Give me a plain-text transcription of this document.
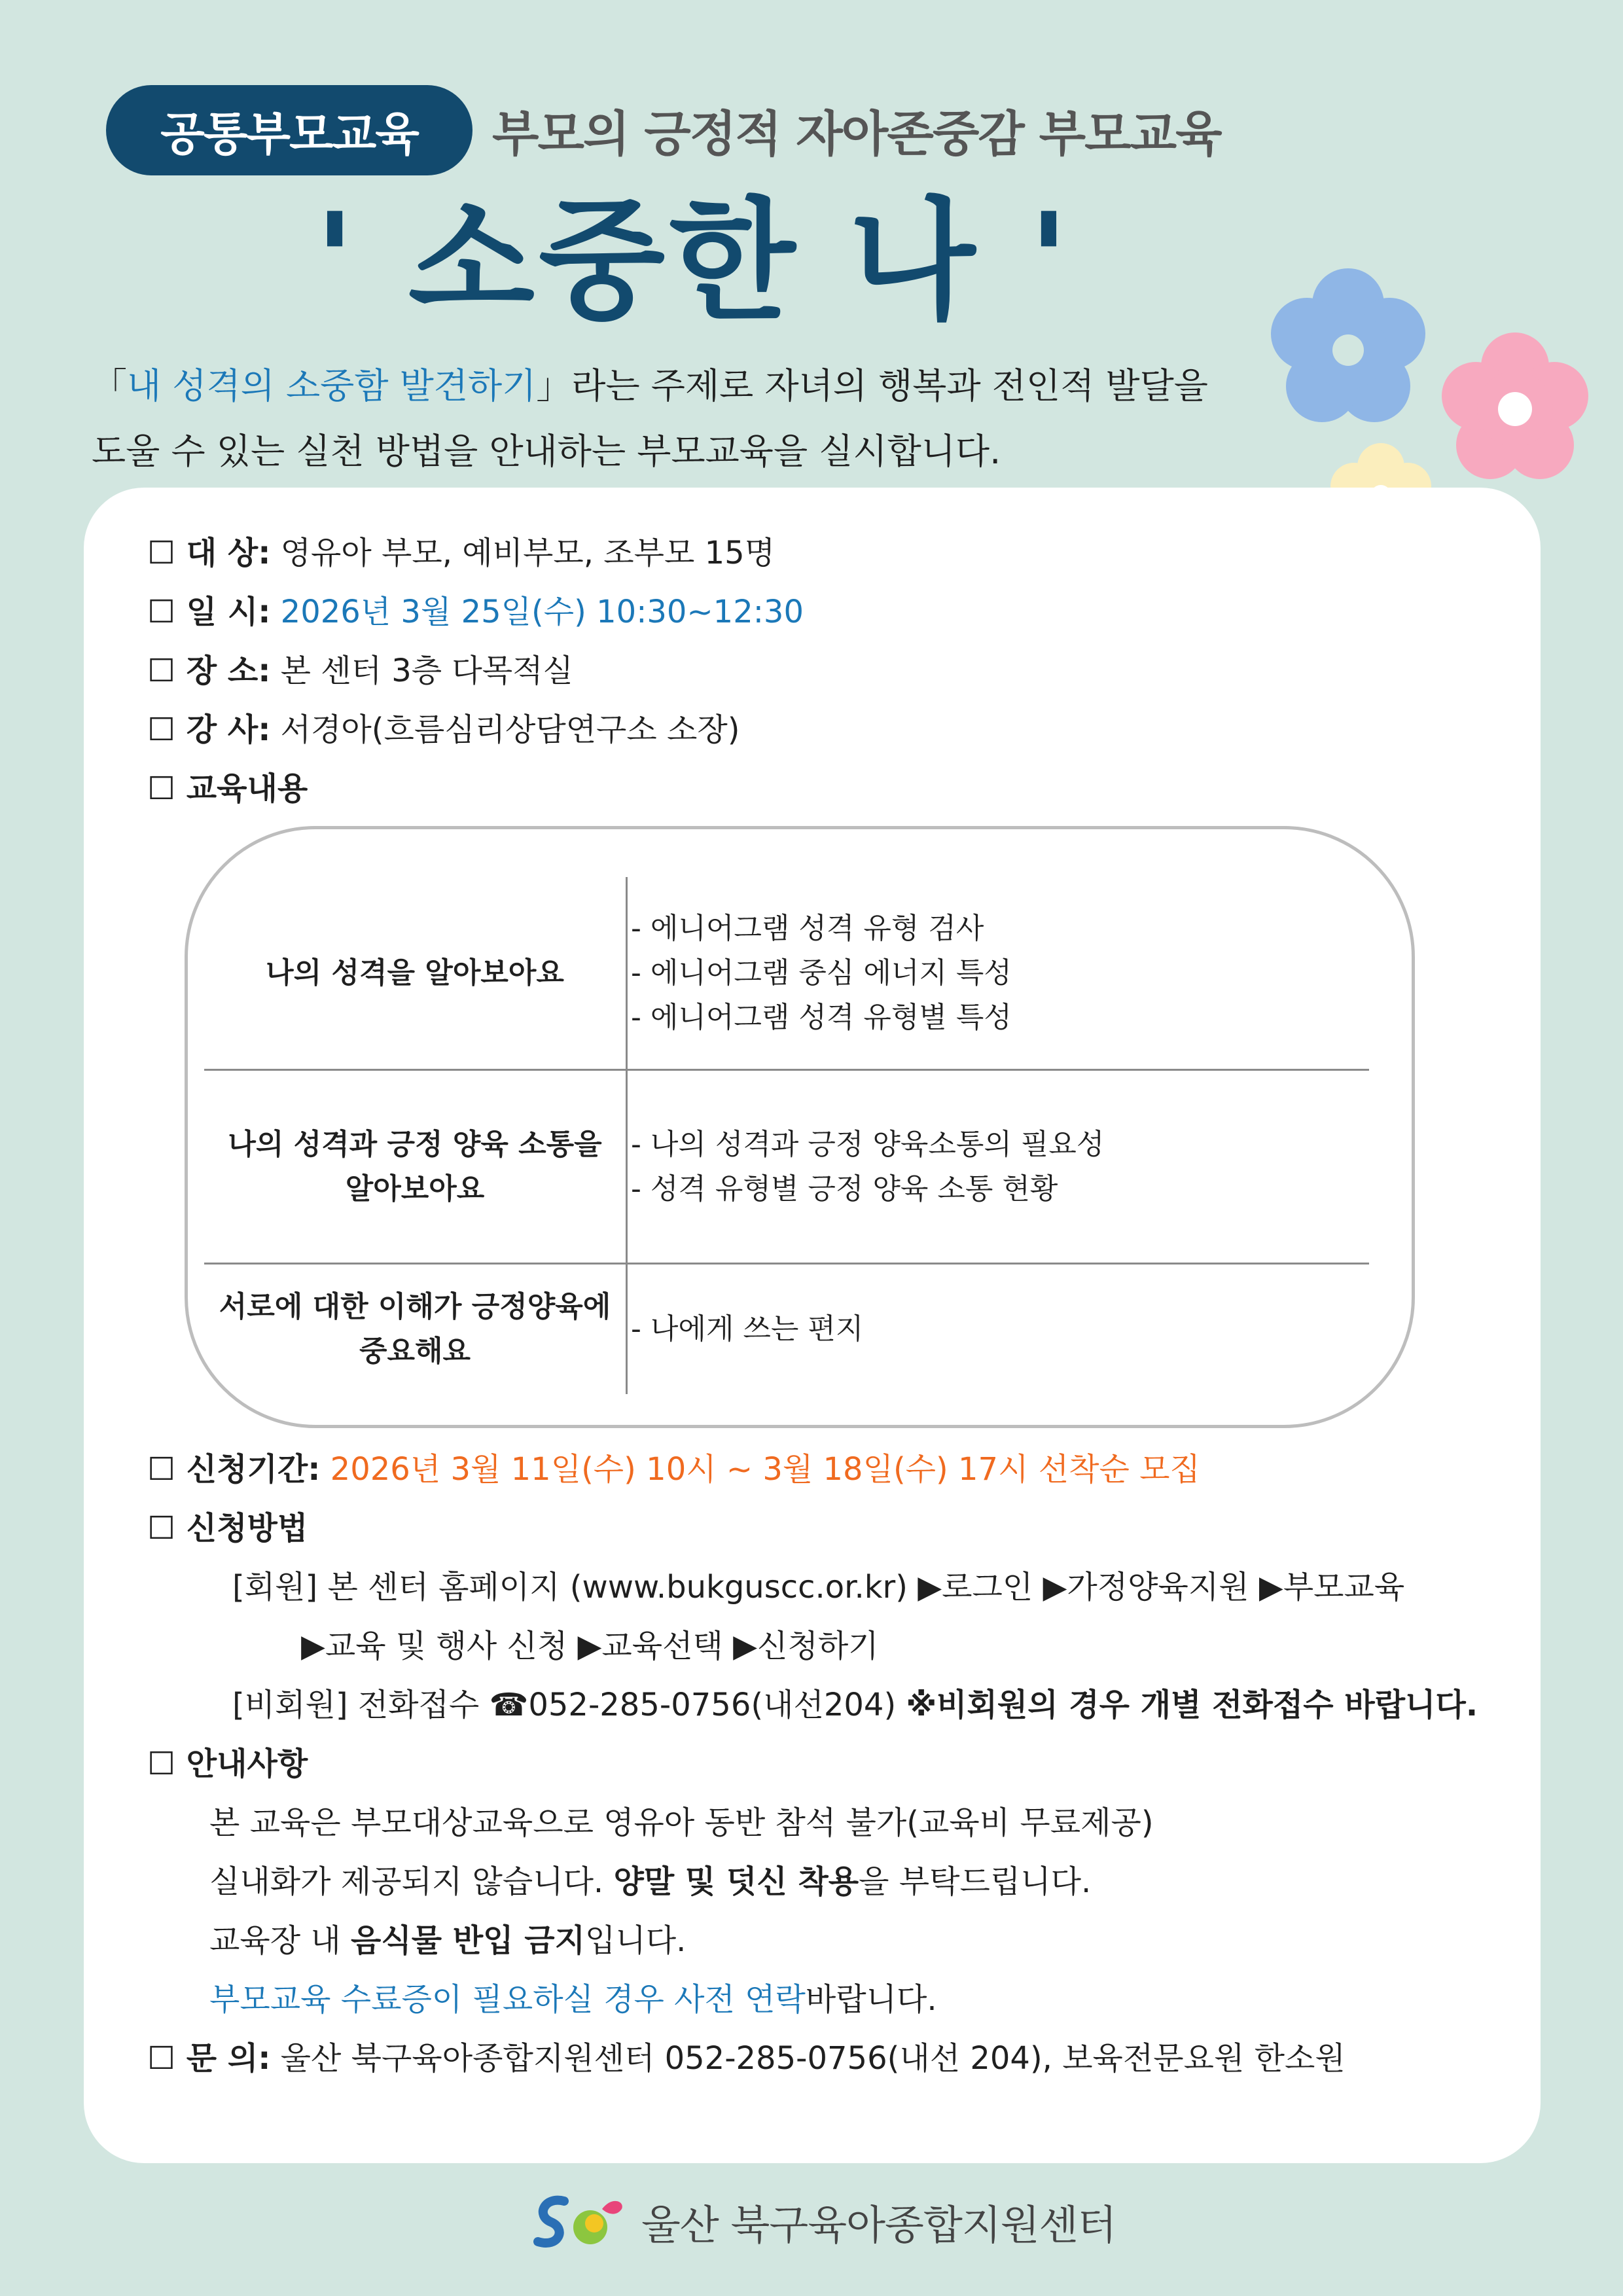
공통부모교육 부모의 긍정적 자아존중감 부모교육
' 소중한 나 '
「내 성격의 소중함 발견하기」라는 주제로 자녀의 행복과 전인적 발달을
도울 수 있는 실천 방법을 안내하는 부모교육을 실시합니다.
☐ 대 상: 영유아 부모, 예비부모, 조부모 15명
☐ 일 시: 2026년 3월 25일(수) 10:30~12:30
☐ 장 소: 본 센터 3층 다목적실
☐ 강 사: 서경아(흐름심리상담연구소 소장)
☐ 교육내용
나의 성격을 알아보아요
- 에니어그램 성격 유형 검사
- 에니어그램 중심 에너지 특성
- 에니어그램 성격 유형별 특성
나의 성격과 긍정 양육 소통을
알아보아요
- 나의 성격과 긍정 양육소통의 필요성
- 성격 유형별 긍정 양육 소통 현황
서로에 대한 이해가 긍정양육에
중요해요
- 나에게 쓰는 편지
☐ 신청기간: 2026년 3월 11일(수) 10시 ~ 3월 18일(수) 17시 선착순 모집
☐ 신청방법
[회원] 본 센터 홈페이지 (www.bukguscc.or.kr) ▶로그인 ▶가정양육지원 ▶부모교육
▶교육 및 행사 신청 ▶교육선택 ▶신청하기
[비회원] 전화접수 ☎052-285-0756(내선204) ※비회원의 경우 개별 전화접수 바랍니다.
☐ 안내사항
본 교육은 부모대상교육으로 영유아 동반 참석 불가(교육비 무료제공)
실내화가 제공되지 않습니다. 양말 및 덧신 착용을 부탁드립니다.
교육장 내 음식물 반입 금지입니다.
부모교육 수료증이 필요하실 경우 사전 연락바랍니다.
☐ 문 의: 울산 북구육아종합지원센터 052-285-0756(내선 204), 보육전문요원 한소원
울산 북구육아종합지원센터
